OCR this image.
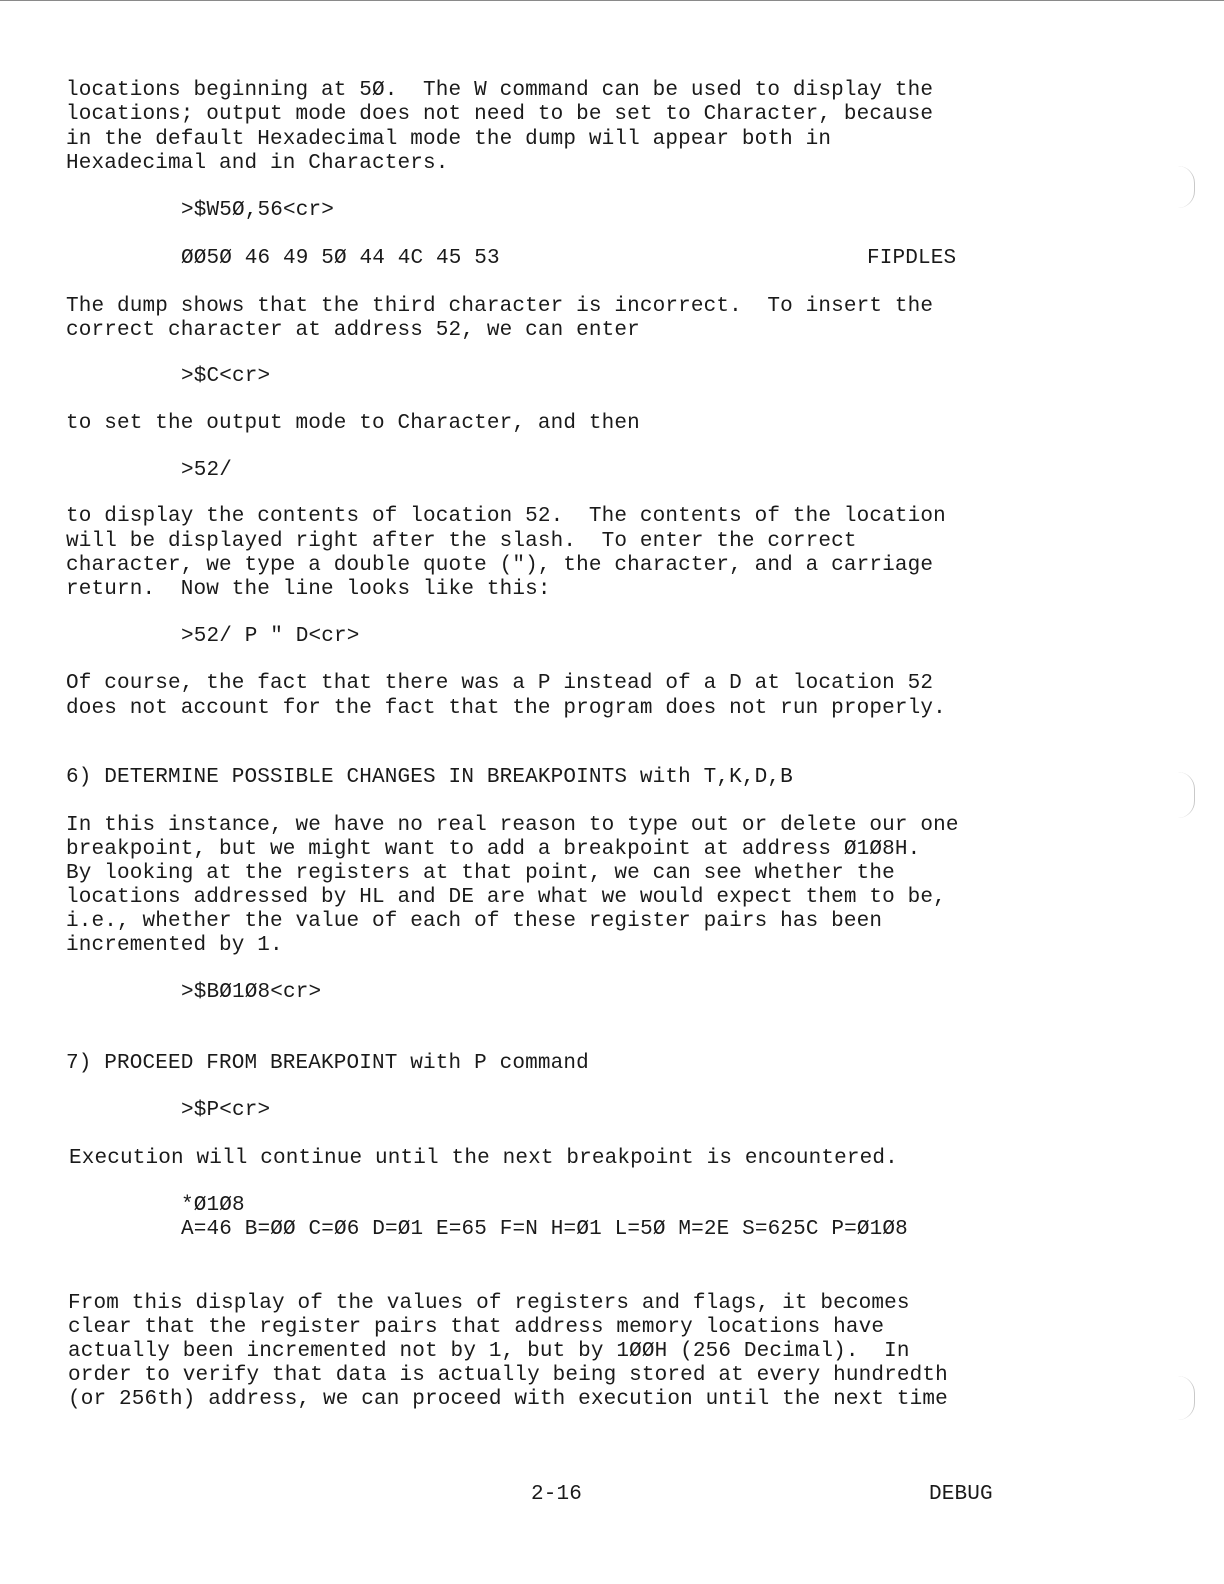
locations beginning at 5Ø.  The W command can be used to display the
locations; output mode does not need to be set to Character, because
in the default Hexadecimal mode the dump will appear both in
Hexadecimal and in Characters.
>$W5Ø,56<cr>
ØØ5Ø 46 49 5Ø 44 4C 45 53	FIPDLES
The dump shows that the third character is incorrect.  To insert the
correct character at address 52, we can enter
>$C<cr>
to set the output mode to Character, and then
>52/
to display the contents of location 52.  The contents of the location
will be displayed right after the slash.  To enter the correct
character, we type a double quote ("), the character, and a carriage
return.  Now the line looks like this:
>52/ P " D<cr>
Of course, the fact that there was a P instead of a D at location 52
does not account for the fact that the program does not run properly.
6) DETERMINE POSSIBLE CHANGES IN BREAKPOINTS with T,K,D,B
In this instance, we have no real reason to type out or delete our one
breakpoint, but we might want to add a breakpoint at address Ø1Ø8H.
By looking at the registers at that point, we can see whether the
locations addressed by HL and DE are what we would expect them to be,
i.e., whether the value of each of these register pairs has been
incremented by 1.
>$BØ1Ø8<cr>
7) PROCEED FROM BREAKPOINT with P command
>$P<cr>
Execution will continue until the next breakpoint is encountered.
*Ø1Ø8
A=46 B=ØØ C=Ø6 D=Ø1 E=65 F=N H=Ø1 L=5Ø M=2E S=625C P=Ø1Ø8
From this display of the values of registers and flags, it becomes
clear that the register pairs that address memory locations have
actually been incremented not by 1, but by 1ØØH (256 Decimal).  In
order to verify that data is actually being stored at every hundredth
(or 256th) address, we can proceed with execution until the next time
2-16	DEBUG
